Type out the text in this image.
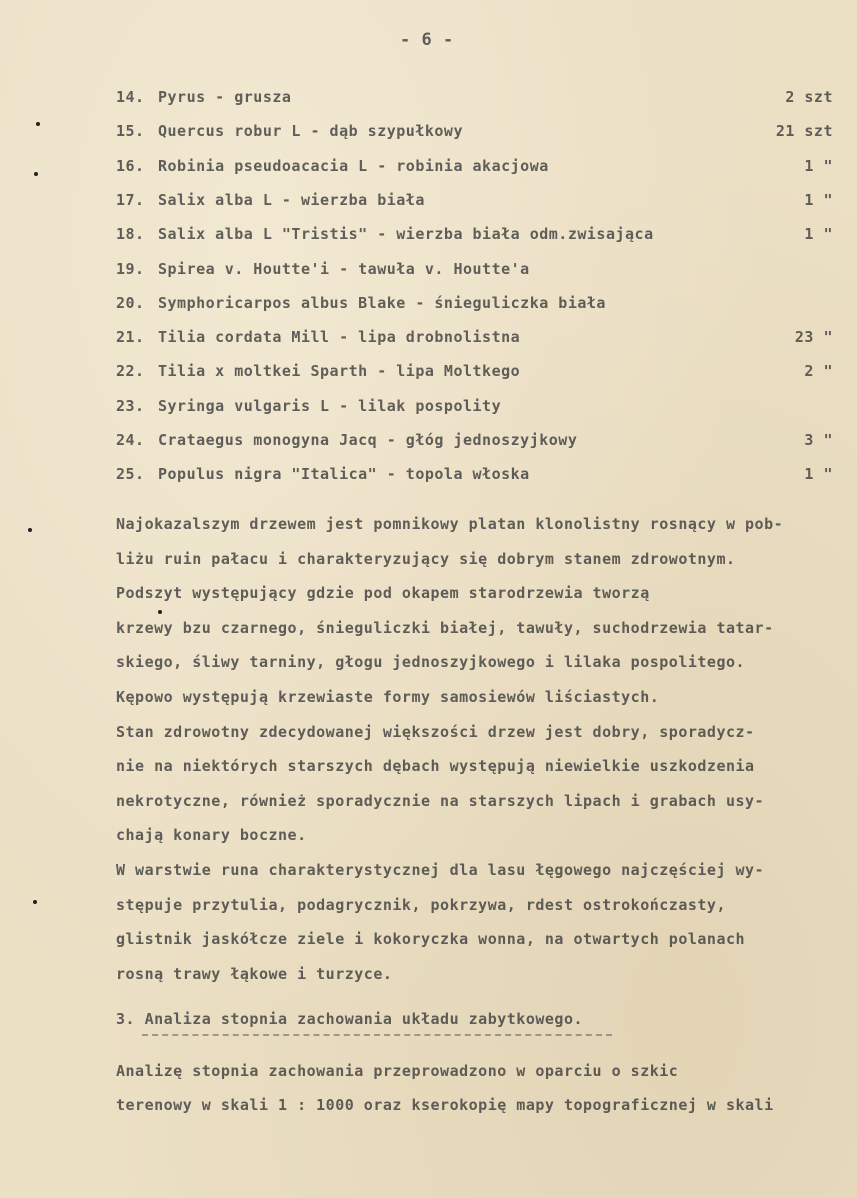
- 6 -
14. Pyrus - grusza	2 szt
15. Quercus robur L - dąb szypułkowy	21 szt
16. Robinia pseudoacacia L - robinia akacjowa	1 "
17. Salix alba L - wierzba biała	1 "
18. Salix alba L "Tristis" - wierzba biała odm.zwisająca	1 "
19. Spirea v. Houtte'i - tawuła v. Houtte'a
20. Symphoricarpos albus Blake - śnieguliczka biała
21. Tilia cordata Mill - lipa drobnolistna	23 "
22. Tilia x moltkei Sparth - lipa Moltkego	2 "
23. Syringa vulgaris L - lilak pospolity
24. Crataegus monogyna Jacq - głóg jednoszyjkowy	3 "
25. Populus nigra "Italica" - topola włoska	1 "
Najokazalszym drzewem jest pomnikowy platan klonolistny rosnący w pob-
liżu ruin pałacu i charakteryzujący się dobrym stanem zdrowotnym.
Podszyt występujący gdzie pod okapem starodrzewia tworzą
krzewy bzu czarnego, śnieguliczki białej, tawuły, suchodrzewia tatar-
skiego, śliwy tarniny, głogu jednoszyjkowego i lilaka pospolitego.
Kępowo występują krzewiaste formy samosiewów liściastych.
Stan zdrowotny zdecydowanej większości drzew jest dobry, sporadycz-
nie na niektórych starszych dębach występują niewielkie uszkodzenia
nekrotyczne, również sporadycznie na starszych lipach i grabach usy-
chają konary boczne.
W warstwie runa charakterystycznej dla lasu łęgowego najczęściej wy-
stępuje przytulia, podagrycznik, pokrzywa, rdest ostrokończasty,
glistnik jaskółcze ziele i kokoryczka wonna, na otwartych polanach
rosną trawy łąkowe i turzyce.
3. Analiza stopnia zachowania układu zabytkowego.
Analizę stopnia zachowania przeprowadzono w oparciu o szkic
terenowy w skali 1 : 1000 oraz kserokopię mapy topograficznej w skali
